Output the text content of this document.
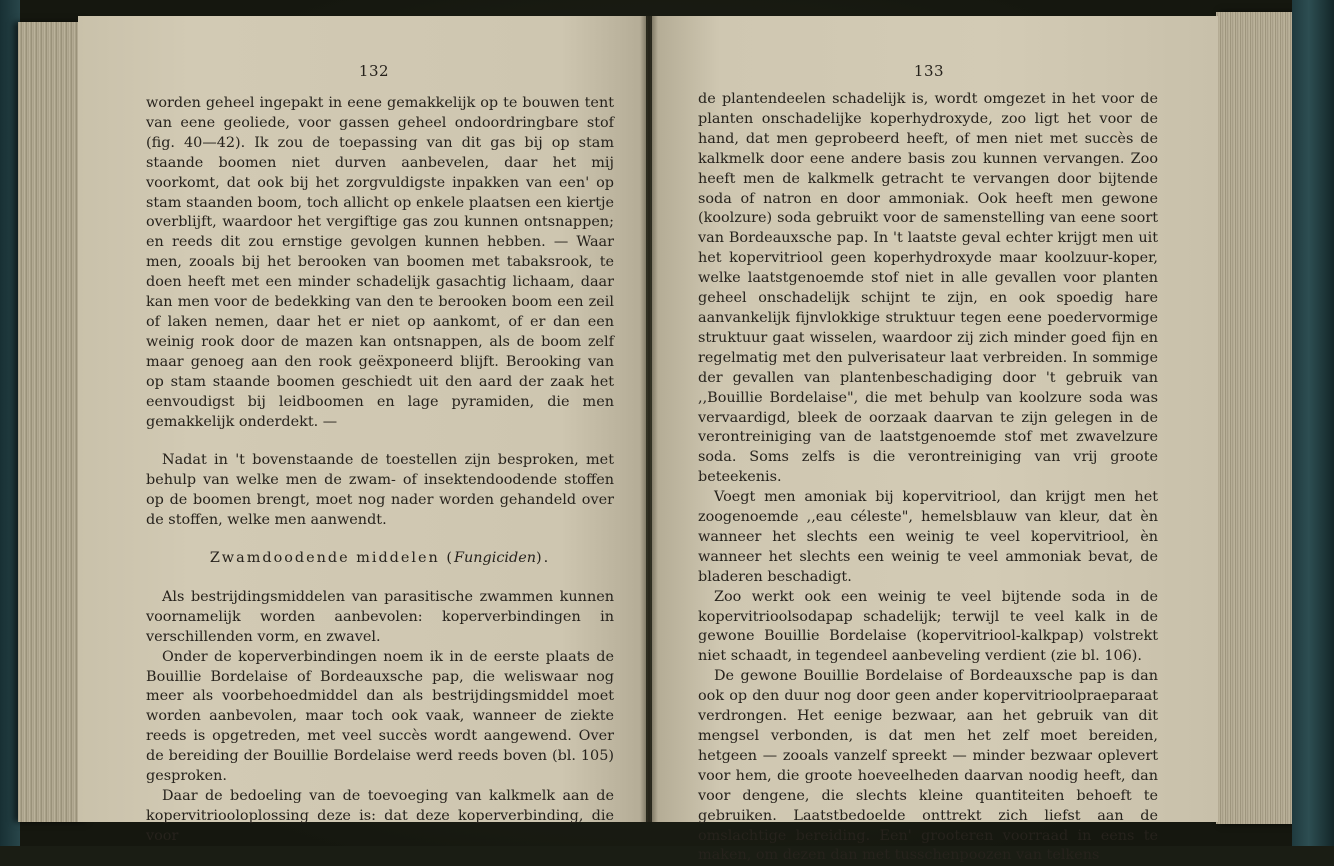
132

worden geheel ingepakt in eene gemakkelijk op te bouwen tent van eene geoliede, voor gassen geheel ondoordringbare stof (fig. 40—42). Ik zou de toepassing van dit gas bij op stam staande boomen niet durven aanbevelen, daar het mij voorkomt, dat ook bij het zorgvuldigste inpakken van een' op stam staanden boom, toch allicht op enkele plaatsen een kiertje overblijft, waardoor het vergiftige gas zou kunnen ontsnappen; en reeds dit zou ernstige gevolgen kunnen hebben. — Waar men, zooals bij het berooken van boomen met tabaksrook, te doen heeft met een minder schadelijk gasachtig lichaam, daar kan men voor de bedekking van den te berooken boom een zeil of laken nemen, daar het er niet op aankomt, of er dan een weinig rook door de mazen kan ontsnappen, als de boom zelf maar genoeg aan den rook geëxponeerd blijft. Berooking van op stam staande boomen geschiedt uit den aard der zaak het eenvoudigst bij leidboomen en lage pyramiden, die men gemakkelijk onderdekt. —

Nadat in 't bovenstaande de toestellen zijn besproken, met behulp van welke men de zwam- of insektendoodende stoffen op de boomen brengt, moet nog nader worden gehandeld over de stoffen, welke men aanwendt.

Zwamdoodende middelen (Fungiciden).

Als bestrijdingsmiddelen van parasitische zwammen kunnen voornamelijk worden aanbevolen: koperverbindingen in verschillenden vorm, en zwavel.

Onder de koperverbindingen noem ik in de eerste plaats de Bouillie Bordelaise of Bordeauxsche pap, die weliswaar nog meer als voorbehoedmiddel dan als bestrijdingsmiddel moet worden aanbevolen, maar toch ook vaak, wanneer de ziekte reeds is opgetreden, met veel succès wordt aangewend. Over de bereiding der Bouillie Bordelaise werd reeds boven (bl. 105) gesproken.

Daar de bedoeling van de toevoeging van kalkmelk aan de kopervitriooloplossing deze is: dat deze koperverbinding, die voor

133

de plantendeelen schadelijk is, wordt omgezet in het voor de planten onschadelijke koperhydroxyde, zoo ligt het voor de hand, dat men geprobeerd heeft, of men niet met succès de kalkmelk door eene andere basis zou kunnen vervangen. Zoo heeft men de kalkmelk getracht te vervangen door bijtende soda of natron en door ammoniak. Ook heeft men gewone (koolzure) soda gebruikt voor de samenstelling van eene soort van Bordeauxsche pap. In 't laatste geval echter krijgt men uit het kopervitriool geen koperhydroxyde maar koolzuur-koper, welke laatstgenoemde stof niet in alle gevallen voor planten geheel onschadelijk schijnt te zijn, en ook spoedig hare aanvankelijk fijnvlokkige struktuur tegen eene poedervormige struktuur gaat wisselen, waardoor zij zich minder goed fijn en regelmatig met den pulverisateur laat verbreiden. In sommige der gevallen van plantenbeschadiging door 't gebruik van ,,Bouillie Bordelaise", die met behulp van koolzure soda was vervaardigd, bleek de oorzaak daarvan te zijn gelegen in de verontreiniging van de laatstgenoemde stof met zwavelzure soda. Soms zelfs is die verontreiniging van vrij groote beteekenis.

Voegt men amoniak bij kopervitriool, dan krijgt men het zoogenoemde ,,eau céleste", hemelsblauw van kleur, dat èn wanneer het slechts een weinig te veel kopervitriool, èn wanneer het slechts een weinig te veel ammoniak bevat, de bladeren beschadigt.

Zoo werkt ook een weinig te veel bijtende soda in de kopervitrioolsodapap schadelijk; terwijl te veel kalk in de gewone Bouillie Bordelaise (kopervitriool-kalkpap) volstrekt niet schaadt, in tegendeel aanbeveling verdient (zie bl. 106).

De gewone Bouillie Bordelaise of Bordeauxsche pap is dan ook op den duur nog door geen ander kopervitrioolpraeparaat verdrongen. Het eenige bezwaar, aan het gebruik van dit mengsel verbonden, is dat men het zelf moet bereiden, hetgeen — zooals vanzelf spreekt — minder bezwaar oplevert voor hem, die groote hoeveelheden daarvan noodig heeft, dan voor dengene, die slechts kleine quantiteiten behoeft te gebruiken. Laatstbedoelde onttrekt zich liefst aan de omslachtige bereiding. Een' grooteren voorraad in eens te maken, om dezen dan met tusschenpoozen van telkens
